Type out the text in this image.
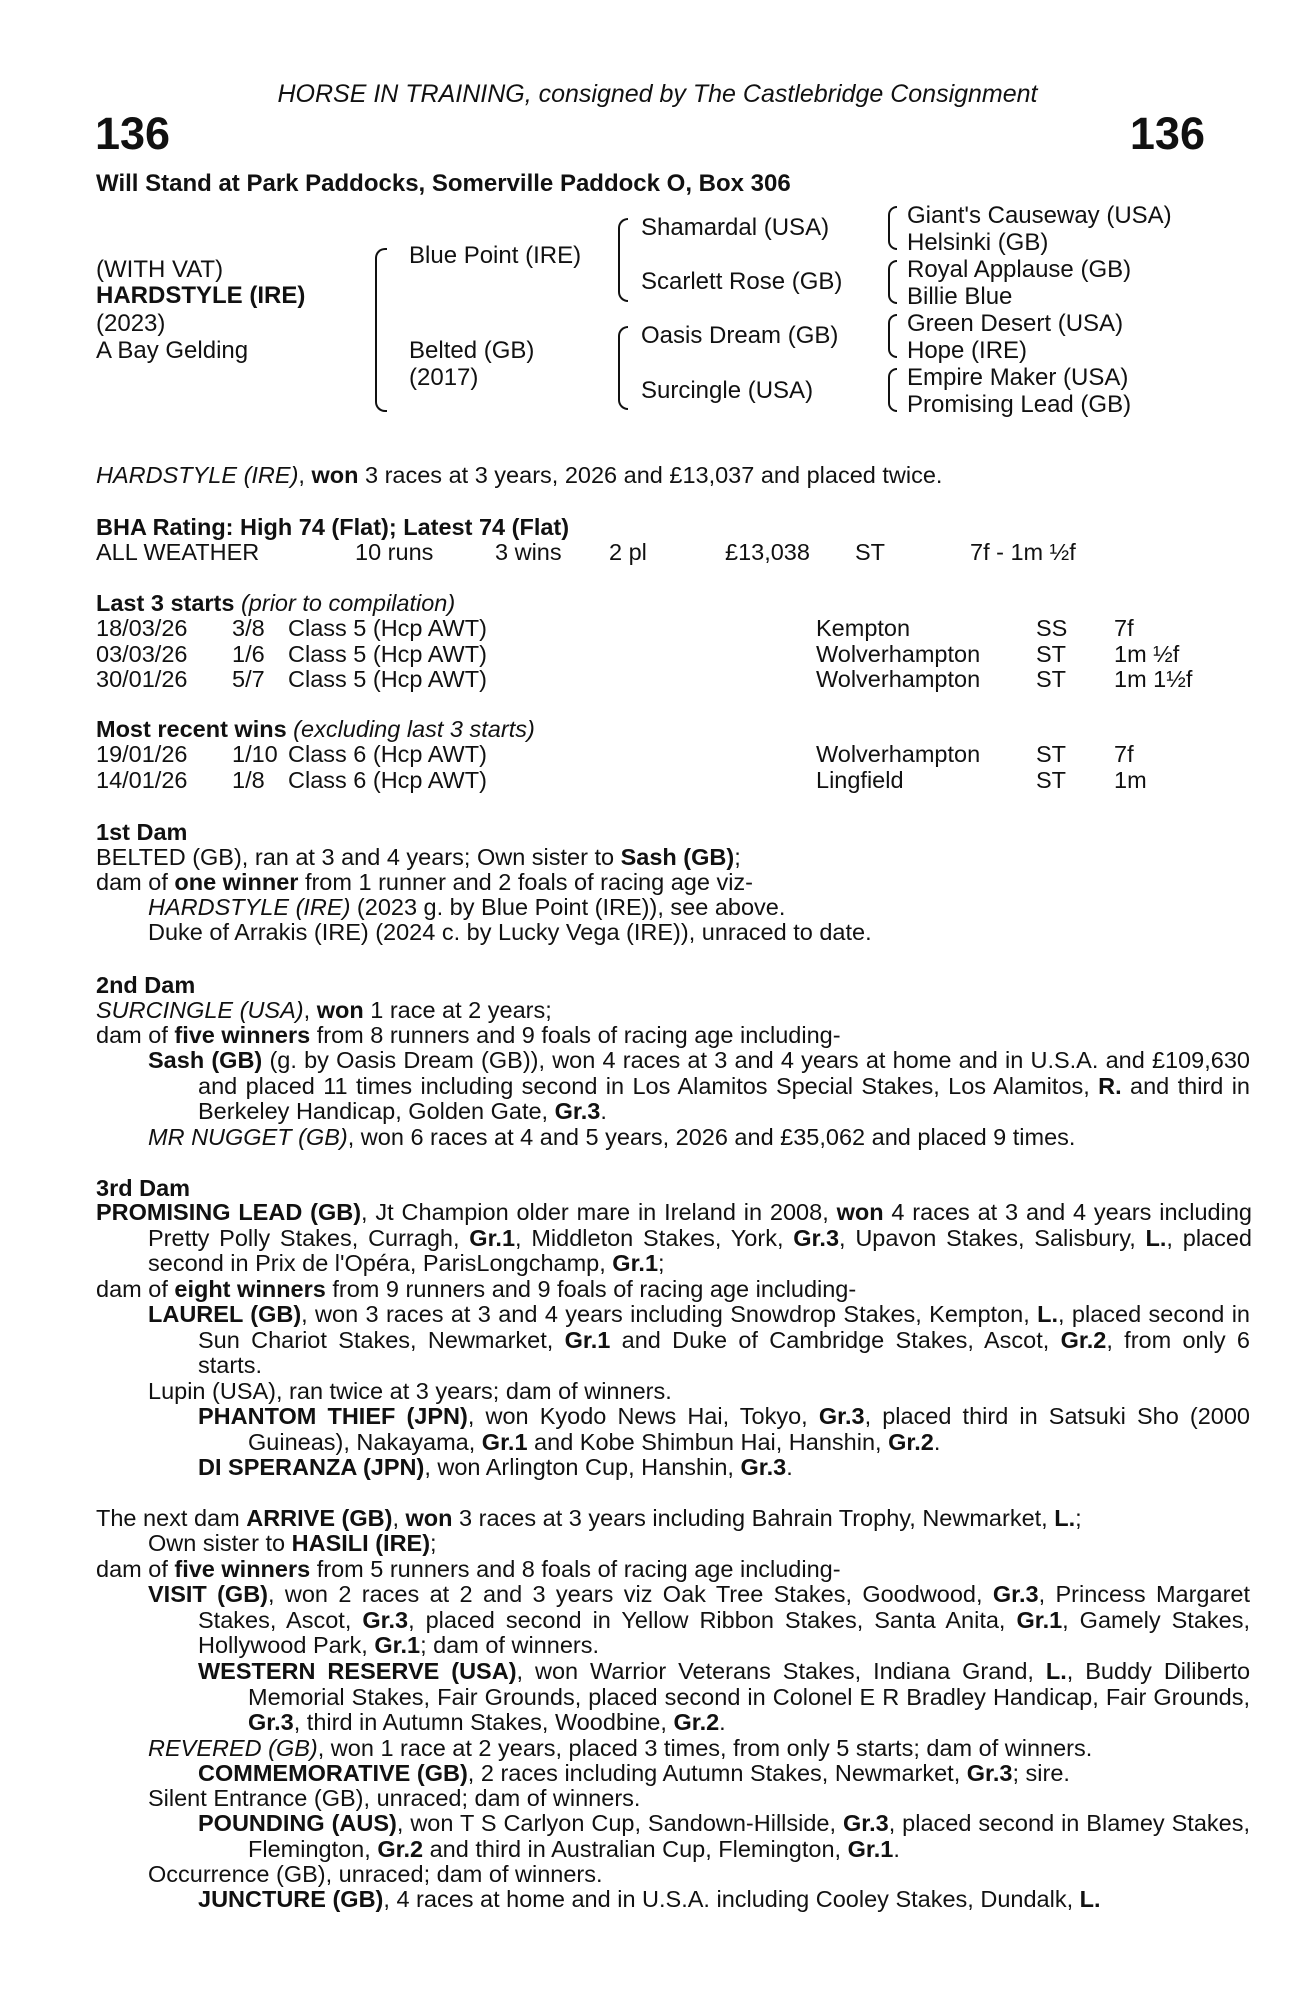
HORSE IN TRAINING, consigned by The Castlebridge Consignment
136	136
Will Stand at Park Paddocks, Somerville Paddock O, Box 306
(WITH VAT)
HARDSTYLE (IRE)
(2023)
A Bay Gelding
Blue Point (IRE)
Belted (GB)
(2017)
Shamardal (USA)
Scarlett Rose (GB)
Oasis Dream (GB)
Surcingle (USA)
Giant's Causeway (USA)
Helsinki (GB)
Royal Applause (GB)
Billie Blue
Green Desert (USA)
Hope (IRE)
Empire Maker (USA)
Promising Lead (GB)
HARDSTYLE (IRE), won 3 races at 3 years, 2026 and £13,037 and placed twice.
BHA Rating: High 74 (Flat); Latest 74 (Flat)
ALL WEATHER	10 runs	3 wins 2 pl	£13,038 ST	7f - 1m ½f
Last 3 starts (prior to compilation)
18/03/26 3/8 Class 5 (Hcp AWT)	Kempton	SS 7f
03/03/26 1/6 Class 5 (Hcp AWT)	Wolverhampton ST 1m ½f
30/01/26 5/7 Class 5 (Hcp AWT)	Wolverhampton ST 1m 1½f
Most recent wins (excluding last 3 starts)
19/01/26 1/10 Class 6 (Hcp AWT)	Wolverhampton ST 7f
14/01/26 1/8 Class 6 (Hcp AWT)	Lingfield	ST 1m
1st Dam
BELTED (GB), ran at 3 and 4 years; Own sister to Sash (GB);
dam of one winner from 1 runner and 2 foals of racing age viz-
HARDSTYLE (IRE) (2023 g. by Blue Point (IRE)), see above.
Duke of Arrakis (IRE) (2024 c. by Lucky Vega (IRE)), unraced to date.
2nd Dam
SURCINGLE (USA), won 1 race at 2 years;
dam of five winners from 8 runners and 9 foals of racing age including-
Sash (GB) (g. by Oasis Dream (GB)), won 4 races at 3 and 4 years at home and in U.S.A. and £109,630 and placed 11 times including second in Los Alamitos Special Stakes, Los Alamitos, R. and third in Berkeley Handicap, Golden Gate, Gr.3.
MR NUGGET (GB), won 6 races at 4 and 5 years, 2026 and £35,062 and placed 9 times.
3rd Dam
PROMISING LEAD (GB), Jt Champion older mare in Ireland in 2008, won 4 races at 3 and 4 years including Pretty Polly Stakes, Curragh, Gr.1, Middleton Stakes, York, Gr.3, Upavon Stakes, Salisbury, L., placed second in Prix de l'Opéra, ParisLongchamp, Gr.1;
dam of eight winners from 9 runners and 9 foals of racing age including-
LAUREL (GB), won 3 races at 3 and 4 years including Snowdrop Stakes, Kempton, L., placed second in Sun Chariot Stakes, Newmarket, Gr.1 and Duke of Cambridge Stakes, Ascot, Gr.2, from only 6 starts.
Lupin (USA), ran twice at 3 years; dam of winners.
PHANTOM THIEF (JPN), won Kyodo News Hai, Tokyo, Gr.3, placed third in Satsuki Sho (2000 Guineas), Nakayama, Gr.1 and Kobe Shimbun Hai, Hanshin, Gr.2.
DI SPERANZA (JPN), won Arlington Cup, Hanshin, Gr.3.
The next dam ARRIVE (GB), won 3 races at 3 years including Bahrain Trophy, Newmarket, L.;
Own sister to HASILI (IRE);
dam of five winners from 5 runners and 8 foals of racing age including-
VISIT (GB), won 2 races at 2 and 3 years viz Oak Tree Stakes, Goodwood, Gr.3, Princess Margaret Stakes, Ascot, Gr.3, placed second in Yellow Ribbon Stakes, Santa Anita, Gr.1, Gamely Stakes, Hollywood Park, Gr.1; dam of winners.
WESTERN RESERVE (USA), won Warrior Veterans Stakes, Indiana Grand, L., Buddy Diliberto Memorial Stakes, Fair Grounds, placed second in Colonel E R Bradley Handicap, Fair Grounds, Gr.3, third in Autumn Stakes, Woodbine, Gr.2.
REVERED (GB), won 1 race at 2 years, placed 3 times, from only 5 starts; dam of winners.
COMMEMORATIVE (GB), 2 races including Autumn Stakes, Newmarket, Gr.3; sire.
Silent Entrance (GB), unraced; dam of winners.
POUNDING (AUS), won T S Carlyon Cup, Sandown-Hillside, Gr.3, placed second in Blamey Stakes, Flemington, Gr.2 and third in Australian Cup, Flemington, Gr.1.
Occurrence (GB), unraced; dam of winners.
JUNCTURE (GB), 4 races at home and in U.S.A. including Cooley Stakes, Dundalk, L.
